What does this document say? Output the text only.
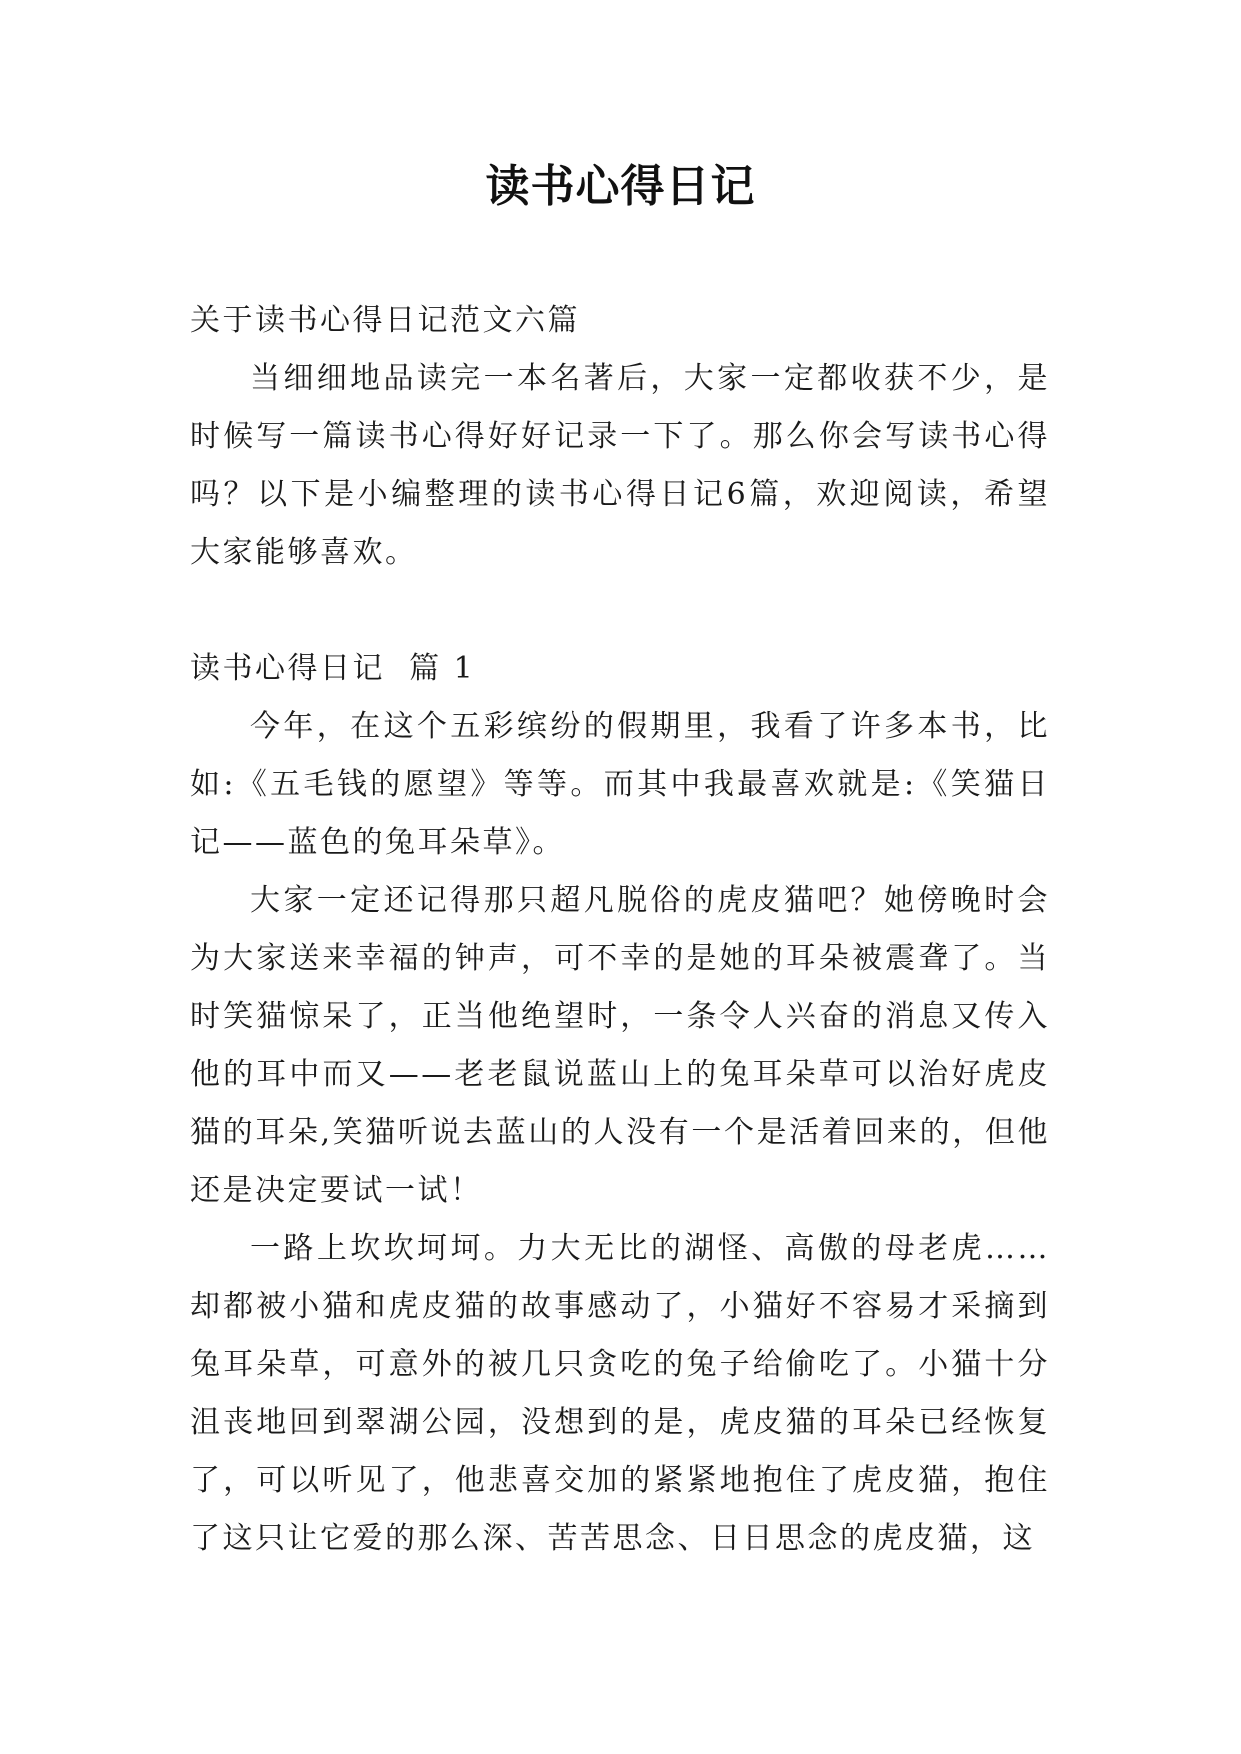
读书心得日记

关于读书心得日记范文六篇

当细细地品读完一本名著后，大家一定都收获不少，是时候写一篇读书心得好好记录一下了。那么你会写读书心得吗？以下是小编整理的读书心得日记6篇，欢迎阅读，希望大家能够喜欢。

读书心得日记  篇 1

今年，在这个五彩缤纷的假期里，我看了许多本书，比如:《五毛钱的愿望》等等。而其中我最喜欢就是:《笑猫日记——蓝色的兔耳朵草》。

大家一定还记得那只超凡脱俗的虎皮猫吧？她傍晚时会为大家送来幸福的钟声，可不幸的是她的耳朵被震聋了。当时笑猫惊呆了，正当他绝望时，一条令人兴奋的消息又传入他的耳中而又——老老鼠说蓝山上的兔耳朵草可以治好虎皮猫的耳朵,笑猫听说去蓝山的人没有一个是活着回来的，但他还是决定要试一试！

一路上坎坎坷坷。力大无比的湖怪、高傲的母老虎……却都被小猫和虎皮猫的故事感动了，小猫好不容易才采摘到兔耳朵草，可意外的被几只贪吃的兔子给偷吃了。小猫十分沮丧地回到翠湖公园，没想到的是，虎皮猫的耳朵已经恢复了，可以听见了，他悲喜交加的紧紧地抱住了虎皮猫，抱住了这只让它爱的那么深、苦苦思念、日日思念的虎皮猫，这
